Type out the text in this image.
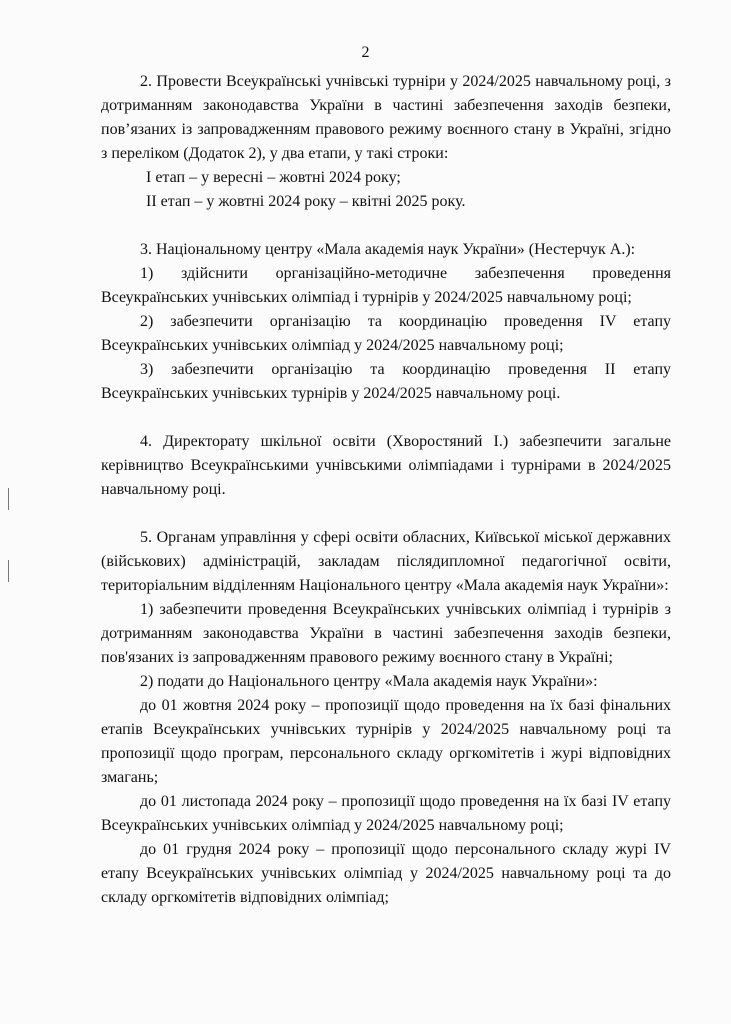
2

2. Провести Всеукраїнські учнівські турніри у 2024/2025 навчальному році, з дотриманням законодавства України в частині забезпечення заходів безпеки, пов’язаних із запровадженням правового режиму воєнного стану в Україні, згідно з переліком (Додаток 2), у два етапи, у такі строки:

I етап – у вересні – жовтні 2024 року;

II етап – у жовтні 2024 року – квітні 2025 року.

3. Національному центру «Мала академія наук України» (Нестерчук А.):

1) здійснити організаційно-методичне забезпечення проведення Всеукраїнських учнівських олімпіад і турнірів у 2024/2025 навчальному році;

2) забезпечити організацію та координацію проведення IV етапу Всеукраїнських учнівських олімпіад у 2024/2025 навчальному році;

3) забезпечити організацію та координацію проведення II етапу Всеукраїнських учнівських турнірів у 2024/2025 навчальному році.

4. Директорату шкільної освіти (Хворостяний І.) забезпечити загальне керівництво Всеукраїнськими учнівськими олімпіадами і турнірами в 2024/2025 навчальному році.

5. Органам управління у сфері освіти обласних, Київської міської державних (військових) адміністрацій, закладам післядипломної педагогічної освіти, територіальним відділенням Національного центру «Мала академія наук України»:

1) забезпечити проведення Всеукраїнських учнівських олімпіад і турнірів з дотриманням законодавства України в частині забезпечення заходів безпеки, пов'язаних із запровадженням правового режиму воєнного стану в Україні;

2) подати до Національного центру «Мала академія наук України»:

до 01 жовтня 2024 року – пропозиції щодо проведення на їх базі фінальних етапів Всеукраїнських учнівських турнірів у 2024/2025 навчальному році та пропозиції щодо програм, персонального складу оргкомітетів і журі відповідних змагань;

до 01 листопада 2024 року – пропозиції щодо проведення на їх базі IV етапу Всеукраїнських учнівських олімпіад у 2024/2025 навчальному році;

до 01 грудня 2024 року – пропозиції щодо персонального складу журі IV етапу Всеукраїнських учнівських олімпіад у 2024/2025 навчальному році та до складу оргкомітетів відповідних олімпіад;
